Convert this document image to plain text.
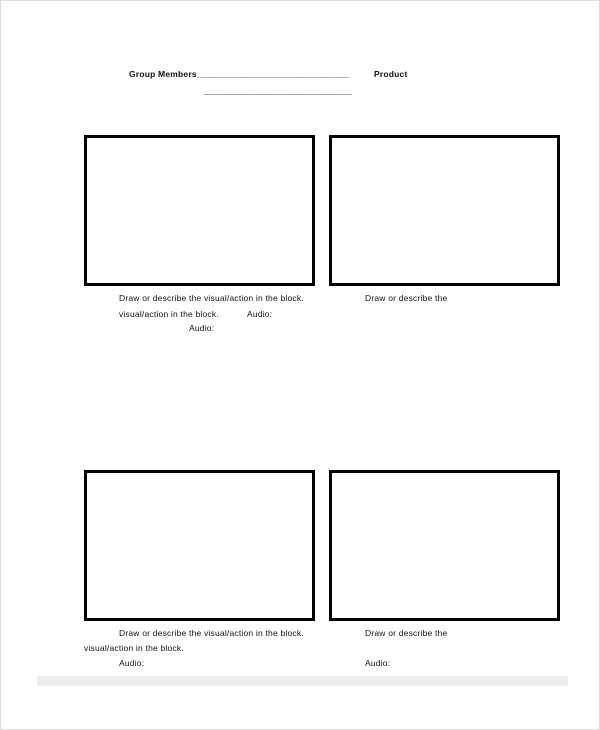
Group Members_______________________________	Product
______________________________
Draw or describe the visual/action in the block.
visual/action in the block.	Audio:
Audio:
Draw or describe the
Draw or describe the visual/action in the block.
visual/action in the block.
Audio:
Draw or describe the
Audio:
